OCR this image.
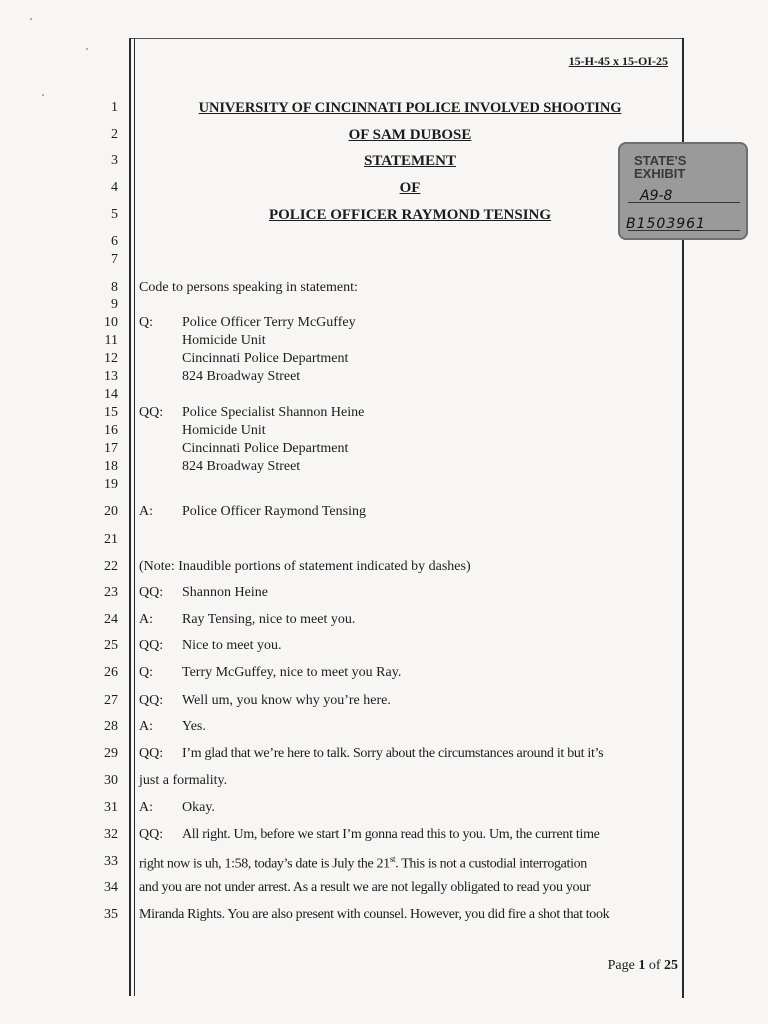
15-H-45 x 15-OI-25
1
2
3
4
5
6
7
8
9
10
11
12
13
14
15
16
17
18
19
20
21
22
23
24
25
26
27
28
29
30
31
32
33
34
35
UNIVERSITY OF CINCINNATI POLICE INVOLVED SHOOTING
OF SAM DUBOSE
STATEMENT
OF
POLICE OFFICER RAYMOND TENSING
STATE'S
EXHIBIT
A9-8
B1503961
Code to persons speaking in statement:
Q: Police Officer Terry McGuffey
Homicide Unit
Cincinnati Police Department
824 Broadway Street
QQ: Police Specialist Shannon Heine
Homicide Unit
Cincinnati Police Department
824 Broadway Street
A: Police Officer Raymond Tensing
(Note: Inaudible portions of statement indicated by dashes)
QQ: Shannon Heine
A: Ray Tensing, nice to meet you.
QQ: Nice to meet you.
Q: Terry McGuffey, nice to meet you Ray.
QQ: Well um, you know why you’re here.
A: Yes.
QQ: I’m glad that we’re here to talk. Sorry about the circumstances around it but it’s
just a formality.
A: Okay.
QQ: All right. Um, before we start I’m gonna read this to you. Um, the current time
right now is uh, 1:58, today’s date is July the 21st. This is not a custodial interrogation
and you are not under arrest. As a result we are not legally obligated to read you your
Miranda Rights. You are also present with counsel. However, you did fire a shot that took
Page 1 of 25
